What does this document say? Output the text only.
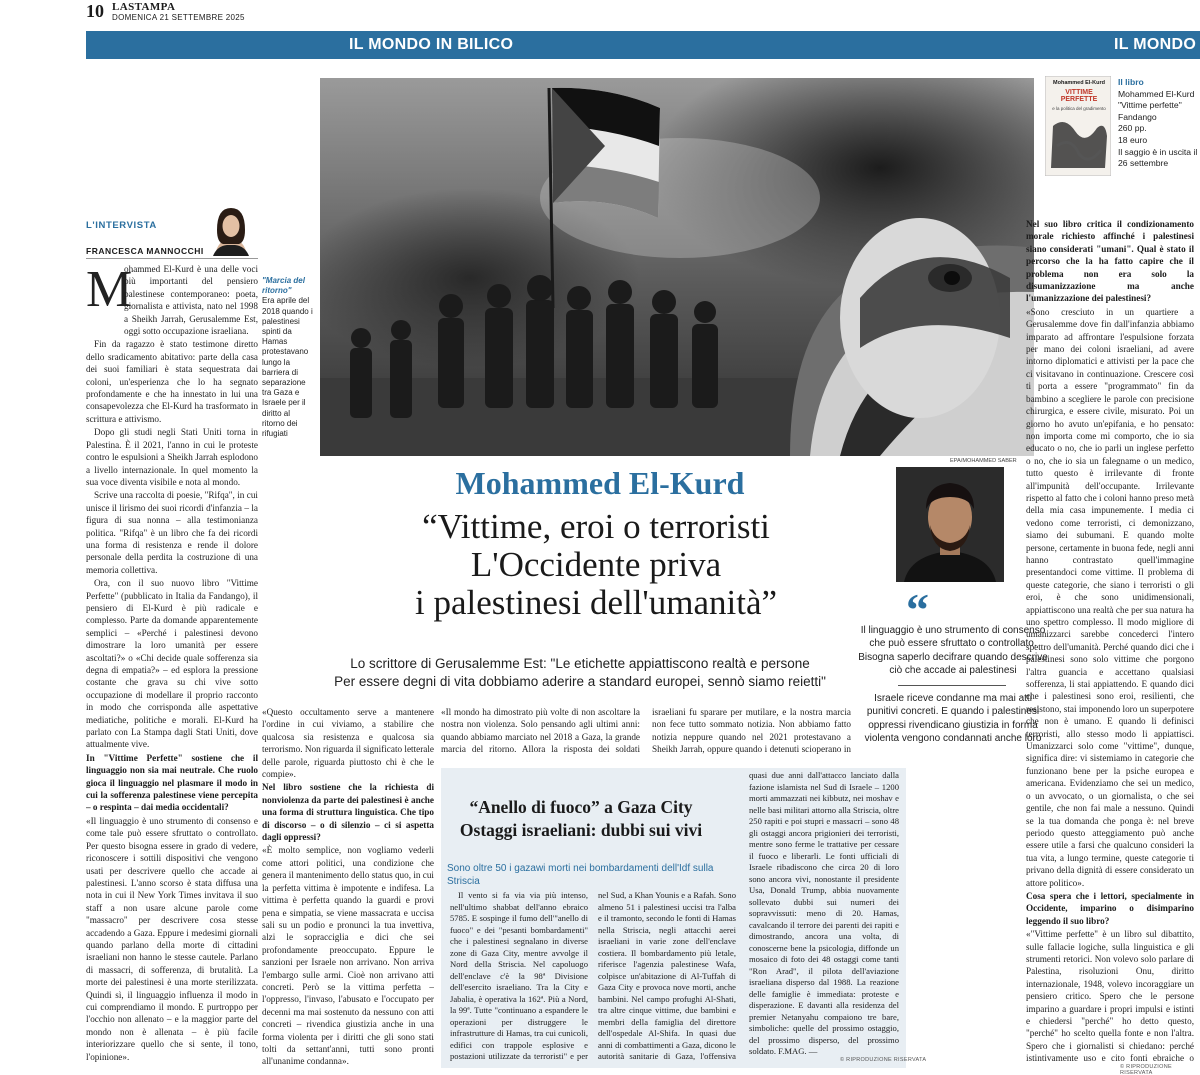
10 LASTAMPA
DOMENICA 21 SETTEMBRE 2025
IL MONDO IN BILICO	IL MONDO
L'INTERVISTA
FRANCESCA MANNOCCHI
M

ohammed El-Kurd è una delle voci più importanti del pensiero palestinese contemporaneo: poeta, giornalista e attivista, nato nel 1998 a Sheikh Jarrah, Gerusalemme Est, oggi sotto occupazione israeliana.

Fin da ragazzo è stato testimone diretto dello sradicamento abitativo: parte della casa dei suoi familiari è stata sequestrata dai coloni, un'esperienza che lo ha segnato profondamente e che ha innestato in lui una consapevolezza che El-Kurd ha trasformato in scrittura e attivismo.

Dopo gli studi negli Stati Uniti torna in Palestina. È il 2021, l'anno in cui le proteste contro le espulsioni a Sheikh Jarrah esplodono a livello internazionale. In quel momento la sua voce diventa visibile e nota al mondo.

Scrive una raccolta di poesie, "Rifqa", in cui unisce il lirismo dei suoi ricordi d'infanzia – la figura di sua nonna – alla testimonianza politica. "Rifqa" è un libro che fa dei ricordi una forma di resistenza e rende il dolore personale della perdita la costruzione di una memoria collettiva.

Ora, con il suo nuovo libro "Vittime Perfette" (pubblicato in Italia da Fandango), il pensiero di El-Kurd è più radicale e complesso. Parte da domande apparentemente semplici – «Perché i palestinesi devono dimostrare la loro umanità per essere ascoltati?» o «Chi decide quale sofferenza sia degna di empatia?» – ed esplora la pressione costante che grava su chi vive sotto occupazione di modellare il proprio racconto in modo che corrisponda alle aspettative mediatiche, politiche e morali. El-Kurd ha parlato con La Stampa dagli Stati Uniti, dove attualmente vive.

In "Vittime Perfette" sostiene che il linguaggio non sia mai neutrale. Che ruolo gioca il linguaggio nel plasmare il modo in cui la sofferenza palestinese viene percepita – o respinta – dai media occidentali?

«Il linguaggio è uno strumento di consenso e come tale può essere sfruttato o controllato. Per questo bisogna essere in grado di vedere, riconoscere i sottili dispositivi che vengono usati per descrivere quello che accade ai palestinesi. L'anno scorso è stata diffusa una nota in cui il New York Times invitava il suo staff a non usare alcune parole come "massacro" per descrivere cosa stesse accadendo a Gaza. Eppure i medesimi giornali quando parlano della morte di cittadini israeliani non hanno le stesse cautele. Parlano di massacri, di sofferenza, di brutalità. La morte dei palestinesi è una morte sterilizzata. Quindi sì, il linguaggio influenza il modo in cui comprendiamo il mondo. E purtroppo per l'occhio non allenato – e la maggior parte del mondo non è allenata – è più facile interiorizzare quello che si sente, il tono, l'opinione».

"Marcia del ritorno"
Era aprile del 2018 quando i palestinesi spinti da Hamas protestavano lungo la barriera di separazione tra Gaza e Israele per il diritto al ritorno dei rifugiati
EPA/MOHAMMED SABER
Mohammed El-Kurd
VITTIME PERFETTE
e la politica del gradimento
Il libro
Mohammed El-Kurd
"Vittime perfette"
Fandango
260 pp.
18 euro
Il saggio è in uscita il 26 settembre
Mohammed El-Kurd
“Vittime, eroi o terroristi
L'Occidente priva
i palestinesi dell'umanità”
Lo scrittore di Gerusalemme Est: "Le etichette appiattiscono realtà e persone
Per essere degni di vita dobbiamo aderire a standard europei, sennò siamo reietti"
“
Il linguaggio è uno strumento di consenso che può essere sfruttato o controllato. Bisogna saperlo decifrare quando descrive ciò che accade ai palestinesi
Israele riceve condanne ma mai atti punitivi concreti. E quando i palestinesi oppressi rivendicano giustizia in forma violenta vengono condannati anche loro

«Questo occultamento serve a mantenere l'ordine in cui viviamo, a stabilire che qualcosa sia resistenza e qualcosa sia terrorismo. Non riguarda il significato letterale delle parole, riguarda piuttosto chi è che le compie».

Nel libro sostiene che la richiesta di nonviolenza da parte dei palestinesi è anche una forma di struttura linguistica. Che tipo di discorso – o di silenzio – ci si aspetta dagli oppressi?

«È molto semplice, non vogliamo vederli come attori politici, una condizione che genera il mantenimento dello status quo, in cui la perfetta vittima è impotente e indifesa. La vittima è perfetta quando la guardi e provi pena e simpatia, se viene massacrata e uccisa sali su un podio e pronunci la tua invettiva, alzi le sopracciglia e dici che sei profondamente preoccupato. Eppure le sanzioni per Israele non arrivano. Non arriva l'embargo sulle armi. Cioè non arrivano atti concreti. Però se la vittima perfetta – l'oppresso, l'invaso, l'abusato e l'occupato per decenni ma mai sostenuto da nessuno con atti concreti – rivendica giustizia anche in una forma violenta per i diritti che gli sono stati tolti da settant'anni, tutti sono pronti all'unanime condanna».

«Il mondo ha dimostrato più volte di non ascoltare la nostra non violenza. Solo pensando agli ultimi anni: quando abbiamo marciato nel 2018 a Gaza, la grande marcia del ritorno. Allora la risposta dei soldati israeliani fu sparare per mutilare, e la nostra marcia non fece tutto sommato notizia. Non abbiamo fatto notizia neppure quando nel 2021 protestavano a Sheikh Jarrah, oppure quando i detenuti scioperano in

Nel suo libro critica il condizionamento morale richiesto affinché i palestinesi siano considerati "umani". Qual è stato il percorso che la ha fatto capire che il problema non era solo la disumanizzazione ma anche l'umanizzazione dei palestinesi?

«Sono cresciuto in un quartiere a Gerusalemme dove fin dall'infanzia abbiamo imparato ad affrontare l'espulsione forzata per mano dei coloni israeliani, ad avere intorno diplomatici e attivisti per la pace che ci visitavano in continuazione. Crescere così ti porta a essere "programmato" fin da bambino a scegliere le parole con precisione chirurgica, e essere civile, misurato. Poi un giorno ho avuto un'epifania, e ho pensato: non importa come mi comporto, che io sia educato o no, che io parli un inglese perfetto o no, che io sia un falegname o un medico, tutto questo è irrilevante di fronte all'impunità dell'occupante. Irrilevante rispetto al fatto che i coloni hanno preso metà della mia casa impunemente. I media ci vedono come terroristi, ci demonizzano, siamo dei subumani. E quando molte persone, certamente in buona fede, negli anni hanno contrastato quell'immagine presentandoci come vittime. Il problema di queste categorie, che siano i terroristi o gli eroi, è che sono unidimensionali, appiattiscono una realtà che per sua natura ha uno spettro complesso. Il modo migliore di umanizzarci sarebbe concederci l'intero spettro dell'umanità. Perché quando dici che i palestinesi sono solo vittime che porgono l'altra guancia e accettano qualsiasi sofferenza, li stai appiattendo. E quando dici che i palestinesi sono eroi, resilienti, che resistono, stai imponendo loro un superpotere che non è umano. E quando li definisci terroristi, allo stesso modo li appiattisci. Umanizzarci solo come "vittime", dunque, significa dire: vi sistemiamo in categorie che funzionano bene per la psiche europea e americana. Evidenziamo che sei un medico, o un avvocato, o un giornalista, o che sei gentile, che non fai male a nessuno. Quindi se la tua domanda che ponga è: nel breve periodo questo atteggiamento può anche essere utile a farsi che qualcuno consideri la tua vita, a lungo termine, queste categorie ti privano della dignità di essere considerato un attore politico».

Cosa spera che i lettori, specialmente in Occidente, imparino o disimparino leggendo il suo libro?

«"Vittime perfette" è un libro sul dibattito, sulle fallacie logiche, sulla linguistica e gli strumenti retorici. Non volevo solo parlare di Palestina, risoluzioni Onu, diritto internazionale, 1948, volevo incoraggiare un pensiero critico. Spero che le persone imparino a guardare i propri impulsi e istinti e chiedersi "perché" ho detto questo, "perché" ho scelto quella fonte e non l'altra. Spero che i giornalisti si chiedano: perché istintivamente uso e cito fonti ebraiche o

© RIPRODUZIONE RISERVATA
“Anello di fuoco” a Gaza City
Ostaggi israeliani: dubbi sui vivi
Sono oltre 50 i gazawi morti nei bombardamenti dell'Idf sulla Striscia

Il vento si fa via via più intenso, nell'ultimo shabbat dell'anno ebraico 5785. E sospinge il fumo dell'"anello di fuoco" e dei "pesanti bombardamenti" che i palestinesi segnalano in diverse zone di Gaza City, mentre avvolge il Nord della Striscia. Nel capoluogo dell'enclave c'è la 98ª Divisione dell'esercito israeliano. Tra la City e Jabalia, è operativa la 162ª. Più a Nord, la 99ª. Tutte "continuano a espandere le operazioni per distruggere le infrastrutture di Hamas, tra cui cunicoli, edifici con trappole esplosive e postazioni utilizzate da terroristi" e per

nel Sud, a Khan Younis e a Rafah. Sono almeno 51 i palestinesi uccisi tra l'alba e il tramonto, secondo le fonti di Hamas nella Striscia, negli attacchi aerei israeliani in varie zone dell'enclave costiera. Il bombardamento più letale, riferisce l'agenzia palestinese Wafa, colpisce un'abitazione di Al-Tuffah di Gaza City e provoca nove morti, anche bambini. Nel campo profughi Al-Shati, tra altre cinque vittime, due bambini e membri della famiglia del direttore dell'ospedale Al-Shifa. In quasi due anni di combattimenti a Gaza, dicono le autorità sanitarie di Gaza, l'offensiva

quasi due anni dall'attacco lanciato dalla fazione islamista nel Sud di Israele – 1200 morti ammazzati nei kibbutz, nei moshav e nelle basi militari attorno alla Striscia, oltre 250 rapiti e poi stupri e massacri – sono 48 gli ostaggi ancora prigionieri dei terroristi, mentre sono ferme le trattative per cessare il fuoco e liberarli. Le fonti ufficiali di Israele ribadiscono che circa 20 di loro sono ancora vivi, nonostante il presidente Usa, Donald Trump, abbia nuovamente sollevato dubbi sui numeri dei sopravvissuti: meno di 20. Hamas, cavalcando il terrore dei parenti dei rapiti e dimostrando, ancora una volta, di conoscerne bene la psicologia, diffonde un mosaico di foto dei 48 ostaggi come tanti "Ron Arad", il pilota dell'aviazione israeliana disperso dal 1988. La reazione delle famiglie è immediata: proteste e disperazione. E davanti alla residenza del premier Netanyahu compaiono tre bare, simboliche: quelle del prossimo ostaggio, del prossimo disperso, del prossimo soldato. F.MAG. —

© RIPRODUZIONE RISERVATA
